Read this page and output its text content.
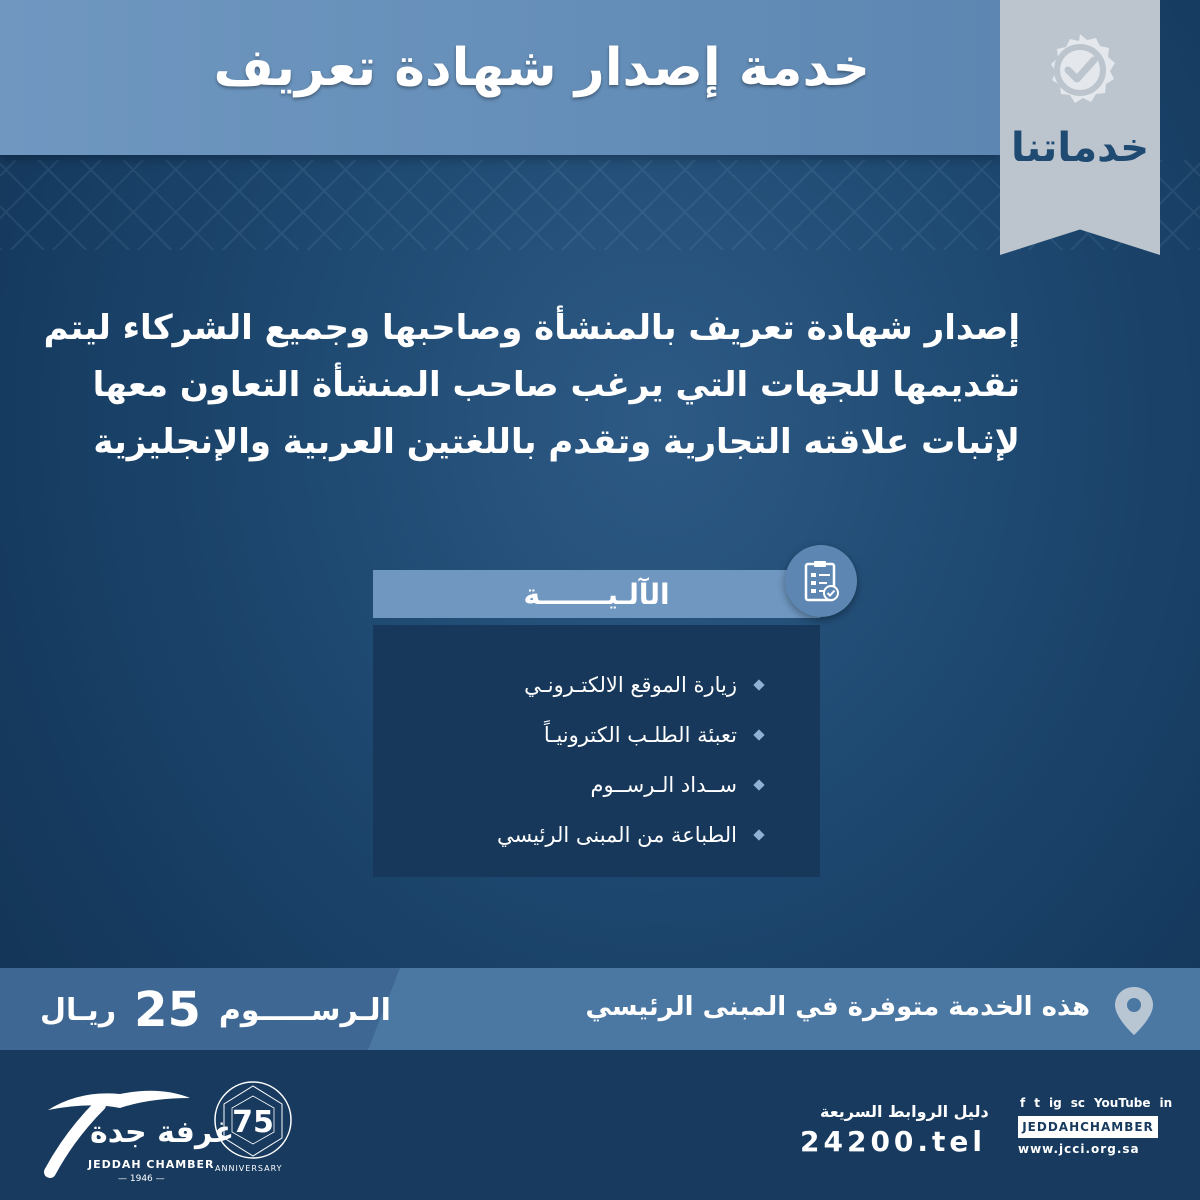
خدمة إصدار شهادة تعريف
خدماتنا

إصدار شهادة تعريف بالمنشأة وصاحبها وجميع الشركاء ليتم

تقديمها للجهات التي يرغب صاحب المنشأة التعاون معها

لإثبات علاقته التجارية وتقدم باللغتين العربية والإنجليزية

الآلـيـــــــة
زيارة الموقع الالكتـرونـي
تعبئة الطلـب الكترونيـاً
ســداد الـرســوم
الطباعة من المبنى الرئيسي
الـرســـــوم
25
ريـال	هذه الخدمة متوفرة في المبنى الرئيسي
غرفة جدة
JEDDAH CHAMBER
— 1946 —
75
ANNIVERSARY
دليل الروابط السريعة
24200.tel
f t ig sc YouTube in
JEDDAHCHAMBER
www.jcci.org.sa
